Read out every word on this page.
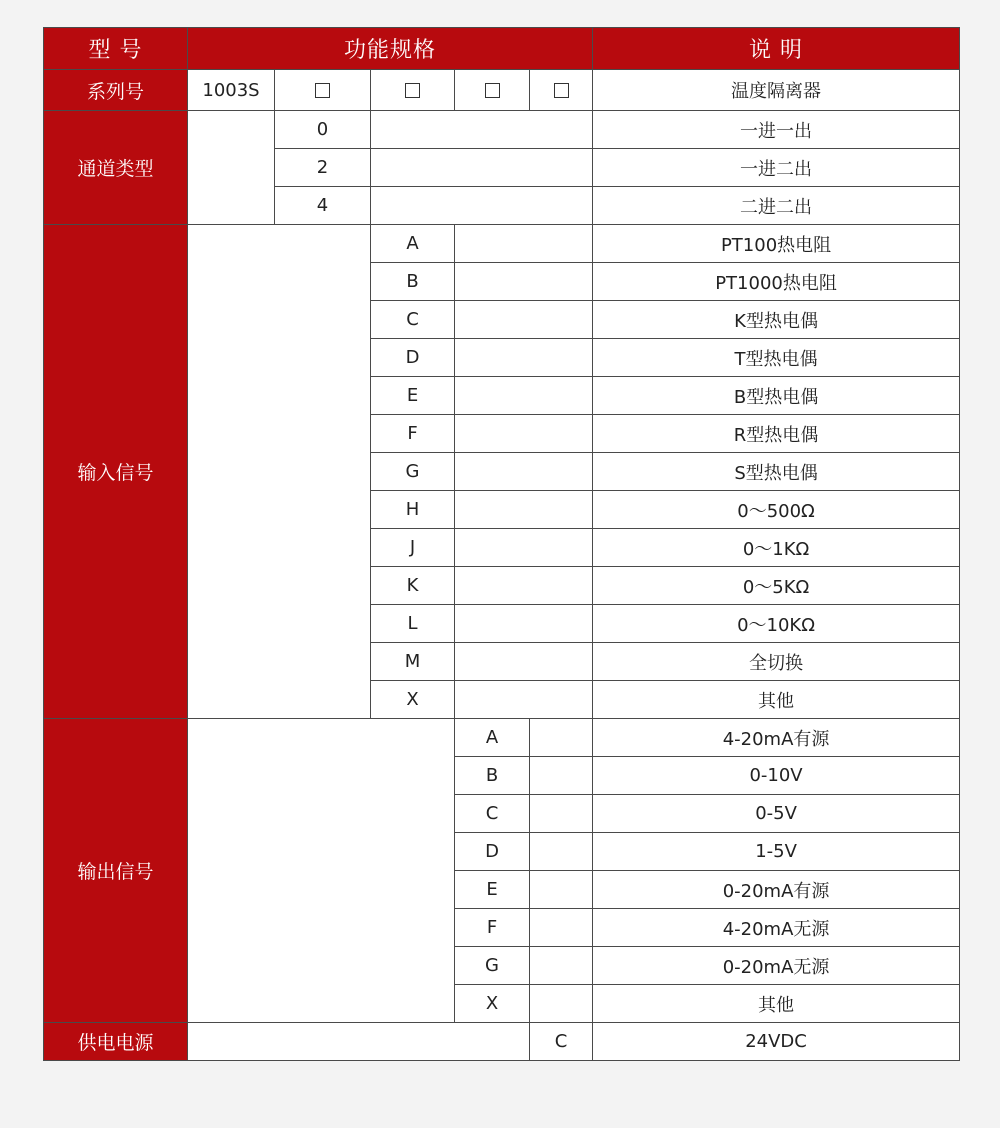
型 号	功能规格					说 明
系列号	1003S					温度隔离器
通道类型		0				一进一出
		2				一进二出
		4				二进二出
输入信号			A			PT100热电阻
			B			PT1000热电阻
			C			K型热电偶
			D			T型热电偶
			E			B型热电偶
			F			R型热电偶
			G			S型热电偶
			H			0～500Ω
			J			0～1KΩ
			K			0～5KΩ
			L			0～10KΩ
			M			全切换
			X			其他
输出信号				A		4-20mA有源
				B		0-10V
				C		0-5V
				D		1-5V
				E		0-20mA有源
				F		4-20mA无源
				G		0-20mA无源
				X		其他
供电电源					C	24VDC
